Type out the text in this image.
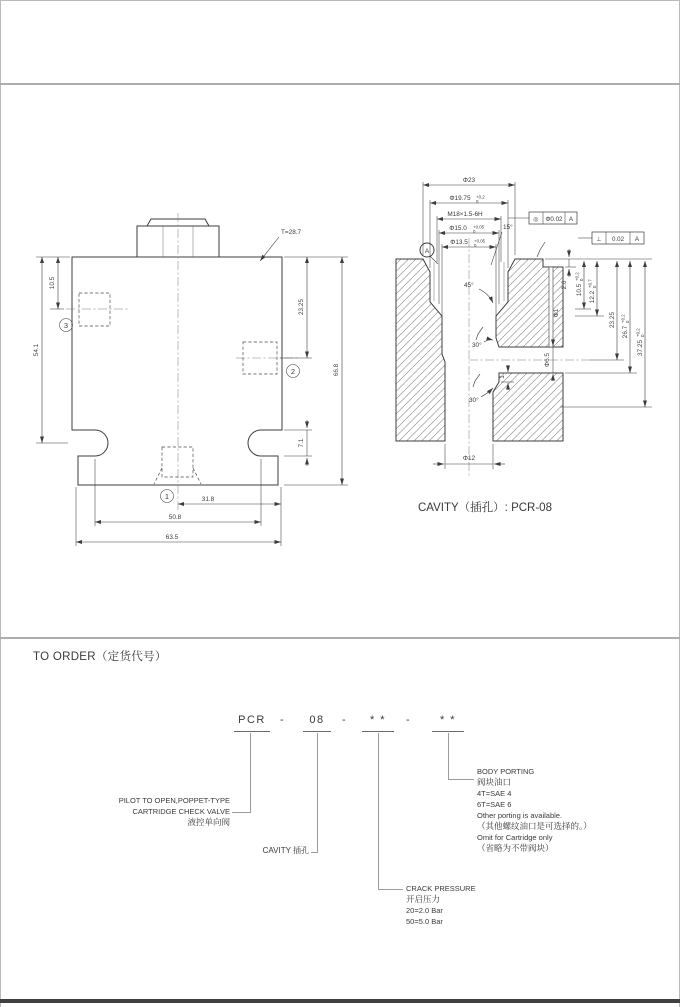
3
2
1
54.1
10.5
23.25
66.8
7.1
31.8
50.8
63.5
T=28.7
Φ23
Φ19.75 +0.2
0
M18×1.5-6H
Φ15.0 +0.05
0
Φ13.5 +0.05
0
15°
◎ Φ0.02 A
⊥ 0.02 A
A
45°
30°
30°
2.6 10.5
+0.2 0
12.2
+0.7 0
23.25
26.7
+0.2 0
37.25
+0.2 0
Φ1
Φ6.5
1
Φ12
CAVITY（插孔）: PCR-08
TO ORDER（定货代号）
PCR	-	08	-	* *	-	* *
PILOT TO OPEN,POPPET-TYPE
CARTRIDGE CHECK VALVE
液控单向阀
CAVITY 插孔
CRACK PRESSURE
开启压力
20=2.0 Bar
50=5.0 Bar
BODY PORTING
阀块油口
4T=SAE 4
6T=SAE 6
Other porting is available.
（其他螺纹油口是可选择的。）
Omit for Cartridge only
（省略为不带阀块）
